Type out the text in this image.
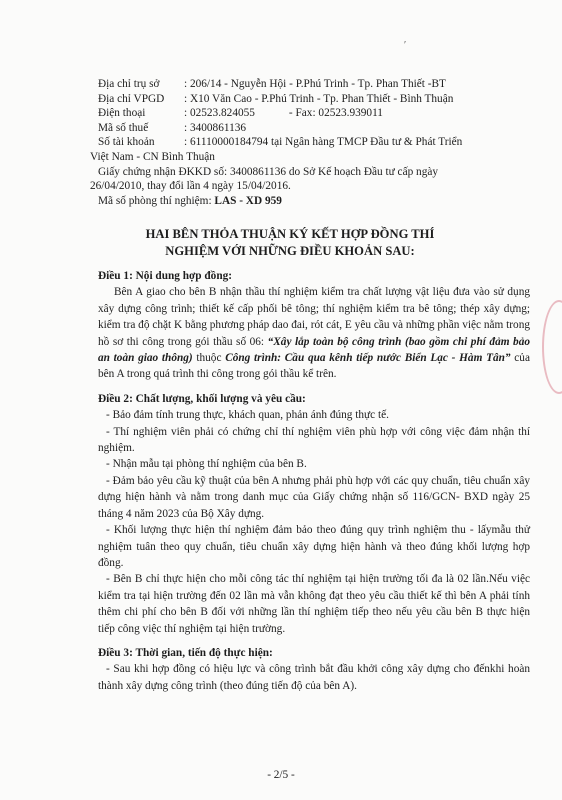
ʹ
Địa chỉ trụ sở	: 206/14 - Nguyễn Hội - P.Phú Trinh - Tp. Phan Thiết -BT
Địa chỉ VPGD	: X10 Văn Cao - P.Phú Trinh - Tp. Phan Thiết - Bình Thuận
Điện thoại	: 02523.824055	- Fax: 02523.939011
Mã số thuế	: 3400861136
Số tài khoản	: 61110000184794 tại Ngân hàng TMCP Đầu tư & Phát Triển
Việt Nam - CN Bình Thuận
Giấy chứng nhận ĐKKD số: 3400861136 do Sở Kế hoạch Đầu tư cấp ngày
26/04/2010, thay đổi lần 4 ngày 15/04/2016.
Mã số phòng thí nghiệm: LAS - XD 959
HAI BÊN THỎA THUẬN KÝ KẾT HỢP ĐỒNG THÍ
NGHIỆM VỚI NHỮNG ĐIỀU KHOẢN SAU:

Điều 1: Nội dung hợp đồng:

Bên A giao cho bên B nhận thầu thí nghiệm kiểm tra chất lượng vật liệu đưa vào sử dụng xây dựng công trình; thiết kế cấp phối bê tông; thí nghiệm kiểm tra bê tông; thép xây dựng; kiểm tra độ chặt K bằng phương pháp dao đai, rót cát, E yêu cầu và những phần việc nằm trong hồ sơ thi công trong gói thầu số 06: “Xây lắp toàn bộ công trình (bao gồm chi phí đảm bảo an toàn giao thông) thuộc Công trình: Cầu qua kênh tiếp nước Biển Lạc - Hàm Tân” của bên A trong quá trình thi công trong gói thầu kể trên.

Điều 2: Chất lượng, khối lượng và yêu cầu:

- Bảo đảm tính trung thực, khách quan, phản ánh đúng thực tế.

- Thí nghiệm viên phải có chứng chỉ thí nghiệm viên phù hợp với công việc đảm nhận thí nghiệm.

- Nhận mẫu tại phòng thí nghiệm của bên B.

- Đảm bảo yêu cầu kỹ thuật của bên A nhưng phải phù hợp với các quy chuẩn, tiêu chuẩn xây dựng hiện hành và nằm trong danh mục của Giấy chứng nhận số 116/GCN- BXD ngày 25 tháng 4 năm 2023 của Bộ Xây dựng.

- Khối lượng thực hiện thí nghiệm đảm bảo theo đúng quy trình nghiệm thu - lấymẫu thử nghiệm tuân theo quy chuẩn, tiêu chuẩn xây dựng hiện hành và theo đúng khối lượng hợp đồng.

- Bên B chỉ thực hiện cho mỗi công tác thí nghiệm tại hiện trường tối đa là 02 lần.Nếu việc kiểm tra tại hiện trường đến 02 lần mà vẫn không đạt theo yêu cầu thiết kế thì bên A phải tính thêm chi phí cho bên B đối với những lần thí nghiệm tiếp theo nếu yêu cầu bên B thực hiện tiếp công việc thí nghiệm tại hiện trường.

Điều 3: Thời gian, tiến độ thực hiện:

- Sau khi hợp đồng có hiệu lực và công trình bắt đầu khởi công xây dựng cho đếnkhi hoàn thành xây dựng công trình (theo đúng tiến độ của bên A).

- 2/5 -
